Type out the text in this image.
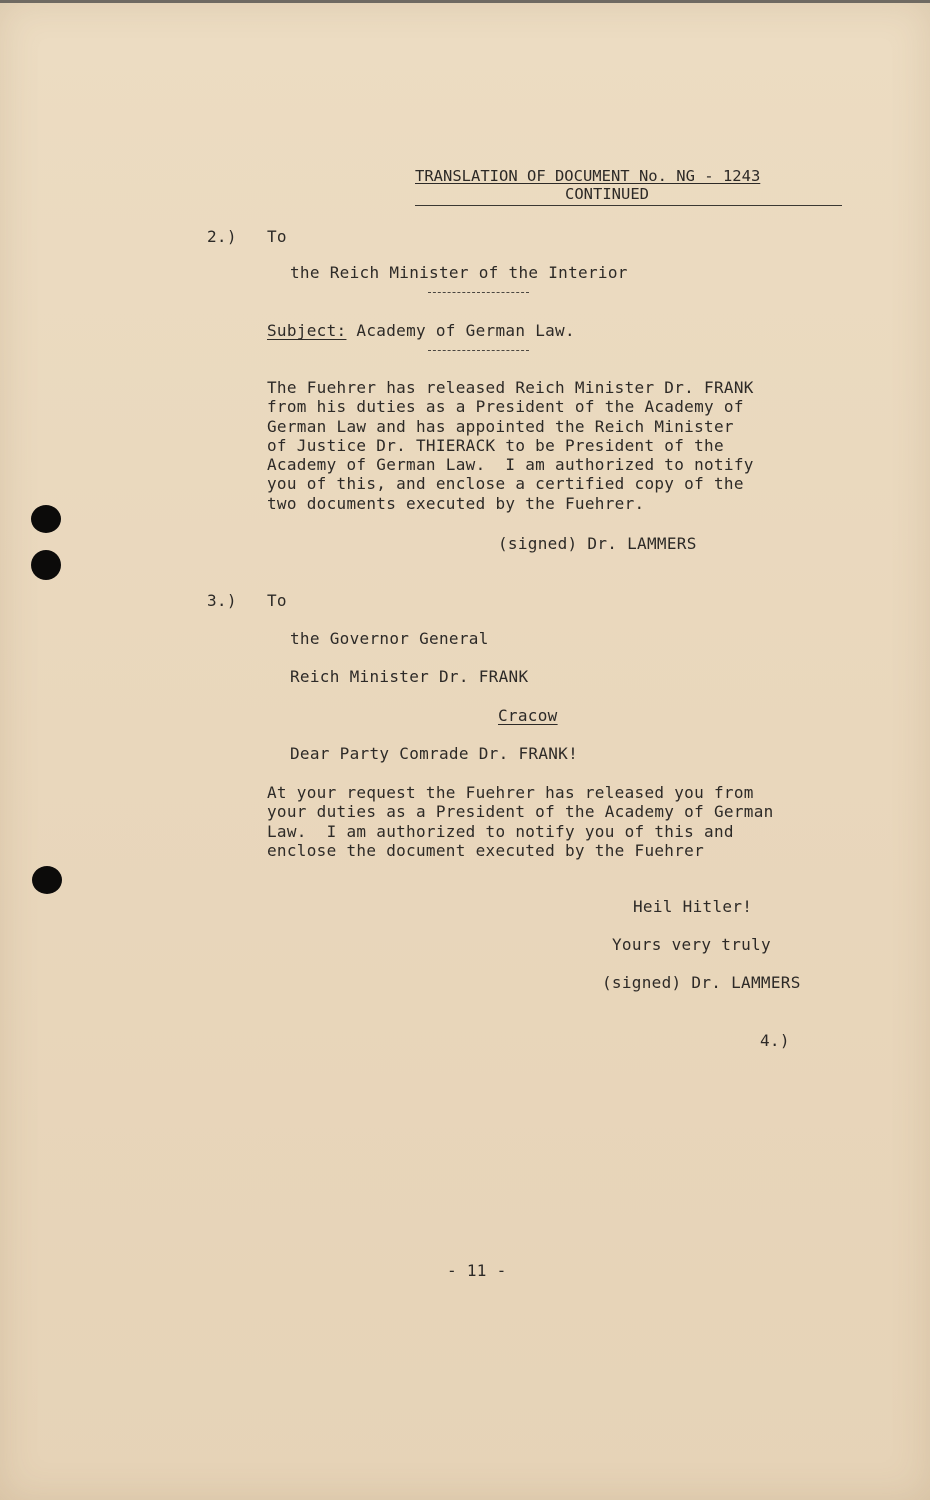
TRANSLATION OF DOCUMENT No. NG - 1243
CONTINUED
2.) To
the Reich Minister of the Interior
Subject: Academy of German Law.
The Fuehrer has released Reich Minister Dr. FRANK
from his duties as a President of the Academy of
German Law and has appointed the Reich Minister
of Justice Dr. THIERACK to be President of the
Academy of German Law.  I am authorized to notify
you of this, and enclose a certified copy of the
two documents executed by the Fuehrer.
(signed) Dr. LAMMERS
3.) To
the Governor General
Reich Minister Dr. FRANK
Cracow
Dear Party Comrade Dr. FRANK!
At your request the Fuehrer has released you from
your duties as a President of the Academy of German
Law.  I am authorized to notify you of this and
enclose the document executed by the Fuehrer
Heil Hitler!
Yours very truly
(signed) Dr. LAMMERS
4.)
- 11 -
